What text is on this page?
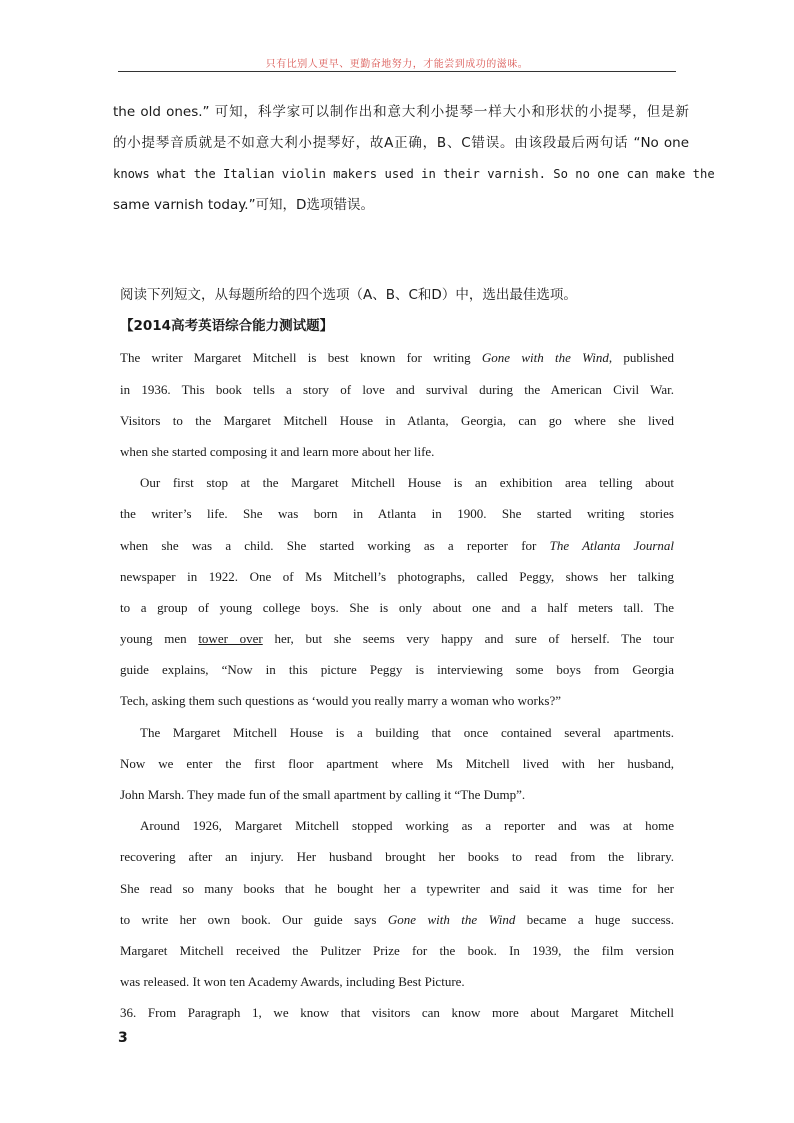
只有比别人更早、更勤奋地努力，才能尝到成功的滋味。
the old ones.” 可知，科学家可以制作出和意大利小提琴一样大小和形状的小提琴，但是新
的小提琴音质就是不如意大利小提琴好，故A正确，B、C错误。由该段最后两句话 “No one
knows what the Italian violin makers used in their varnish. So no one can make the
same varnish today.”可知，D选项错误。
阅读下列短文，从每题所给的四个选项（A、B、C和D）中，选出最佳选项。
【2014高考英语综合能力测试题】
The writer Margaret Mitchell is best known for writing Gone with the Wind, published
in 1936. This book tells a story of love and survival during the American Civil War.
Visitors to the Margaret Mitchell House in Atlanta, Georgia, can go where she lived
when she started composing it and learn more about her life.
Our first stop at the Margaret Mitchell House is an exhibition area telling about
the writer’s life. She was born in Atlanta in 1900. She started writing stories
when she was a child. She started working as a reporter for The Atlanta Journal
newspaper in 1922. One of Ms Mitchell’s photographs, called Peggy, shows her talking
to a group of young college boys. She is only about one and a half meters tall. The
young men tower over her, but she seems very happy and sure of herself. The tour
guide explains, “Now in this picture Peggy is interviewing some boys from Georgia
Tech, asking them such questions as ‘would you really marry a woman who works?”
The Margaret Mitchell House is a building that once contained several apartments.
Now we enter the first floor apartment where Ms Mitchell lived with her husband,
John Marsh. They made fun of the small apartment by calling it “The Dump”.
Around 1926, Margaret Mitchell stopped working as a reporter and was at home
recovering after an injury. Her husband brought her books to read from the library.
She read so many books that he bought her a typewriter and said it was time for her
to write her own book. Our guide says Gone with the Wind became a huge success.
Margaret Mitchell received the Pulitzer Prize for the book. In 1939, the film version
was released. It won ten Academy Awards, including Best Picture.
36. From Paragraph 1, we know that visitors can know more about Margaret Mitchell
3
